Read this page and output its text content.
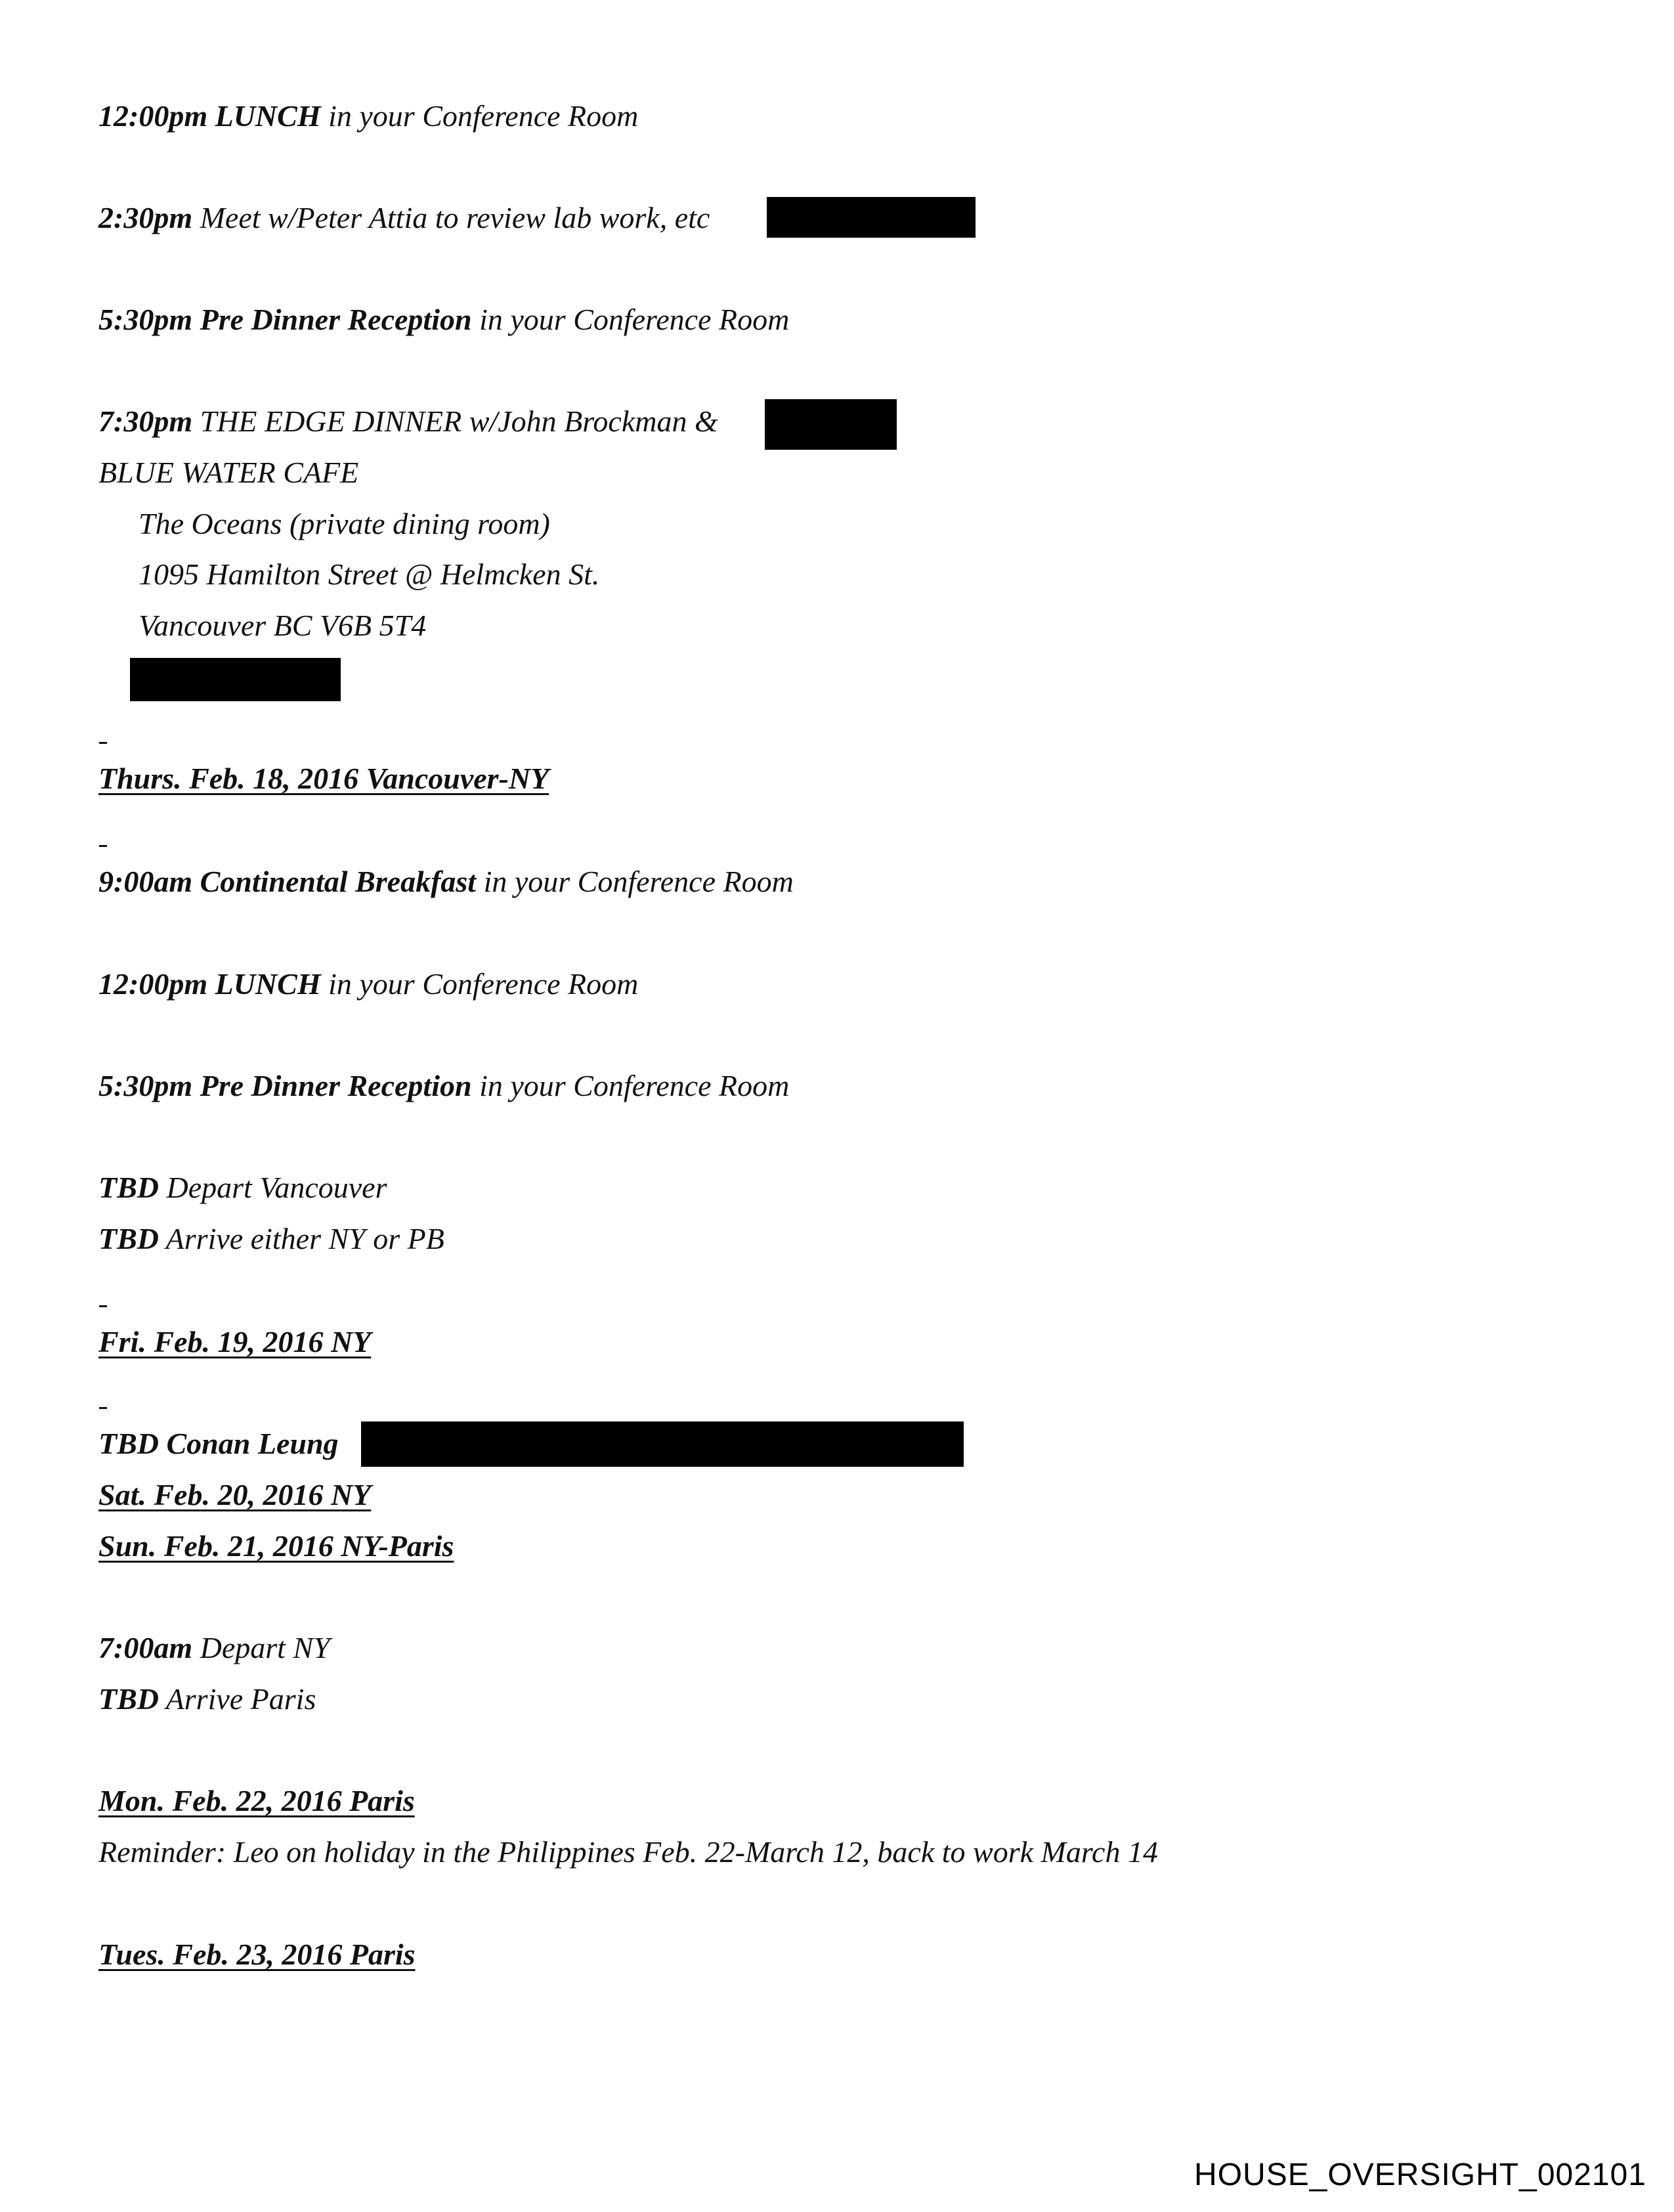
12:00pm LUNCH in your Conference Room
2:30pm Meet w/Peter Attia to review lab work, etc
5:30pm Pre Dinner Reception in your Conference Room
7:30pm THE EDGE DINNER w/John Brockman &
BLUE WATER CAFE
The Oceans (private dining room)
1095 Hamilton Street @ Helmcken St.
Vancouver BC V6B 5T4
Thurs. Feb. 18, 2016 Vancouver-NY
9:00am Continental Breakfast in your Conference Room
12:00pm LUNCH in your Conference Room
5:30pm Pre Dinner Reception in your Conference Room
TBD Depart Vancouver
TBD Arrive either NY or PB
Fri. Feb. 19, 2016 NY
TBD Conan Leung
Sat. Feb. 20, 2016 NY
Sun. Feb. 21, 2016 NY-Paris
7:00am Depart NY
TBD Arrive Paris
Mon. Feb. 22, 2016 Paris
Reminder: Leo on holiday in the Philippines Feb. 22-March 12, back to work March 14
Tues. Feb. 23, 2016 Paris
HOUSE_OVERSIGHT_002101
